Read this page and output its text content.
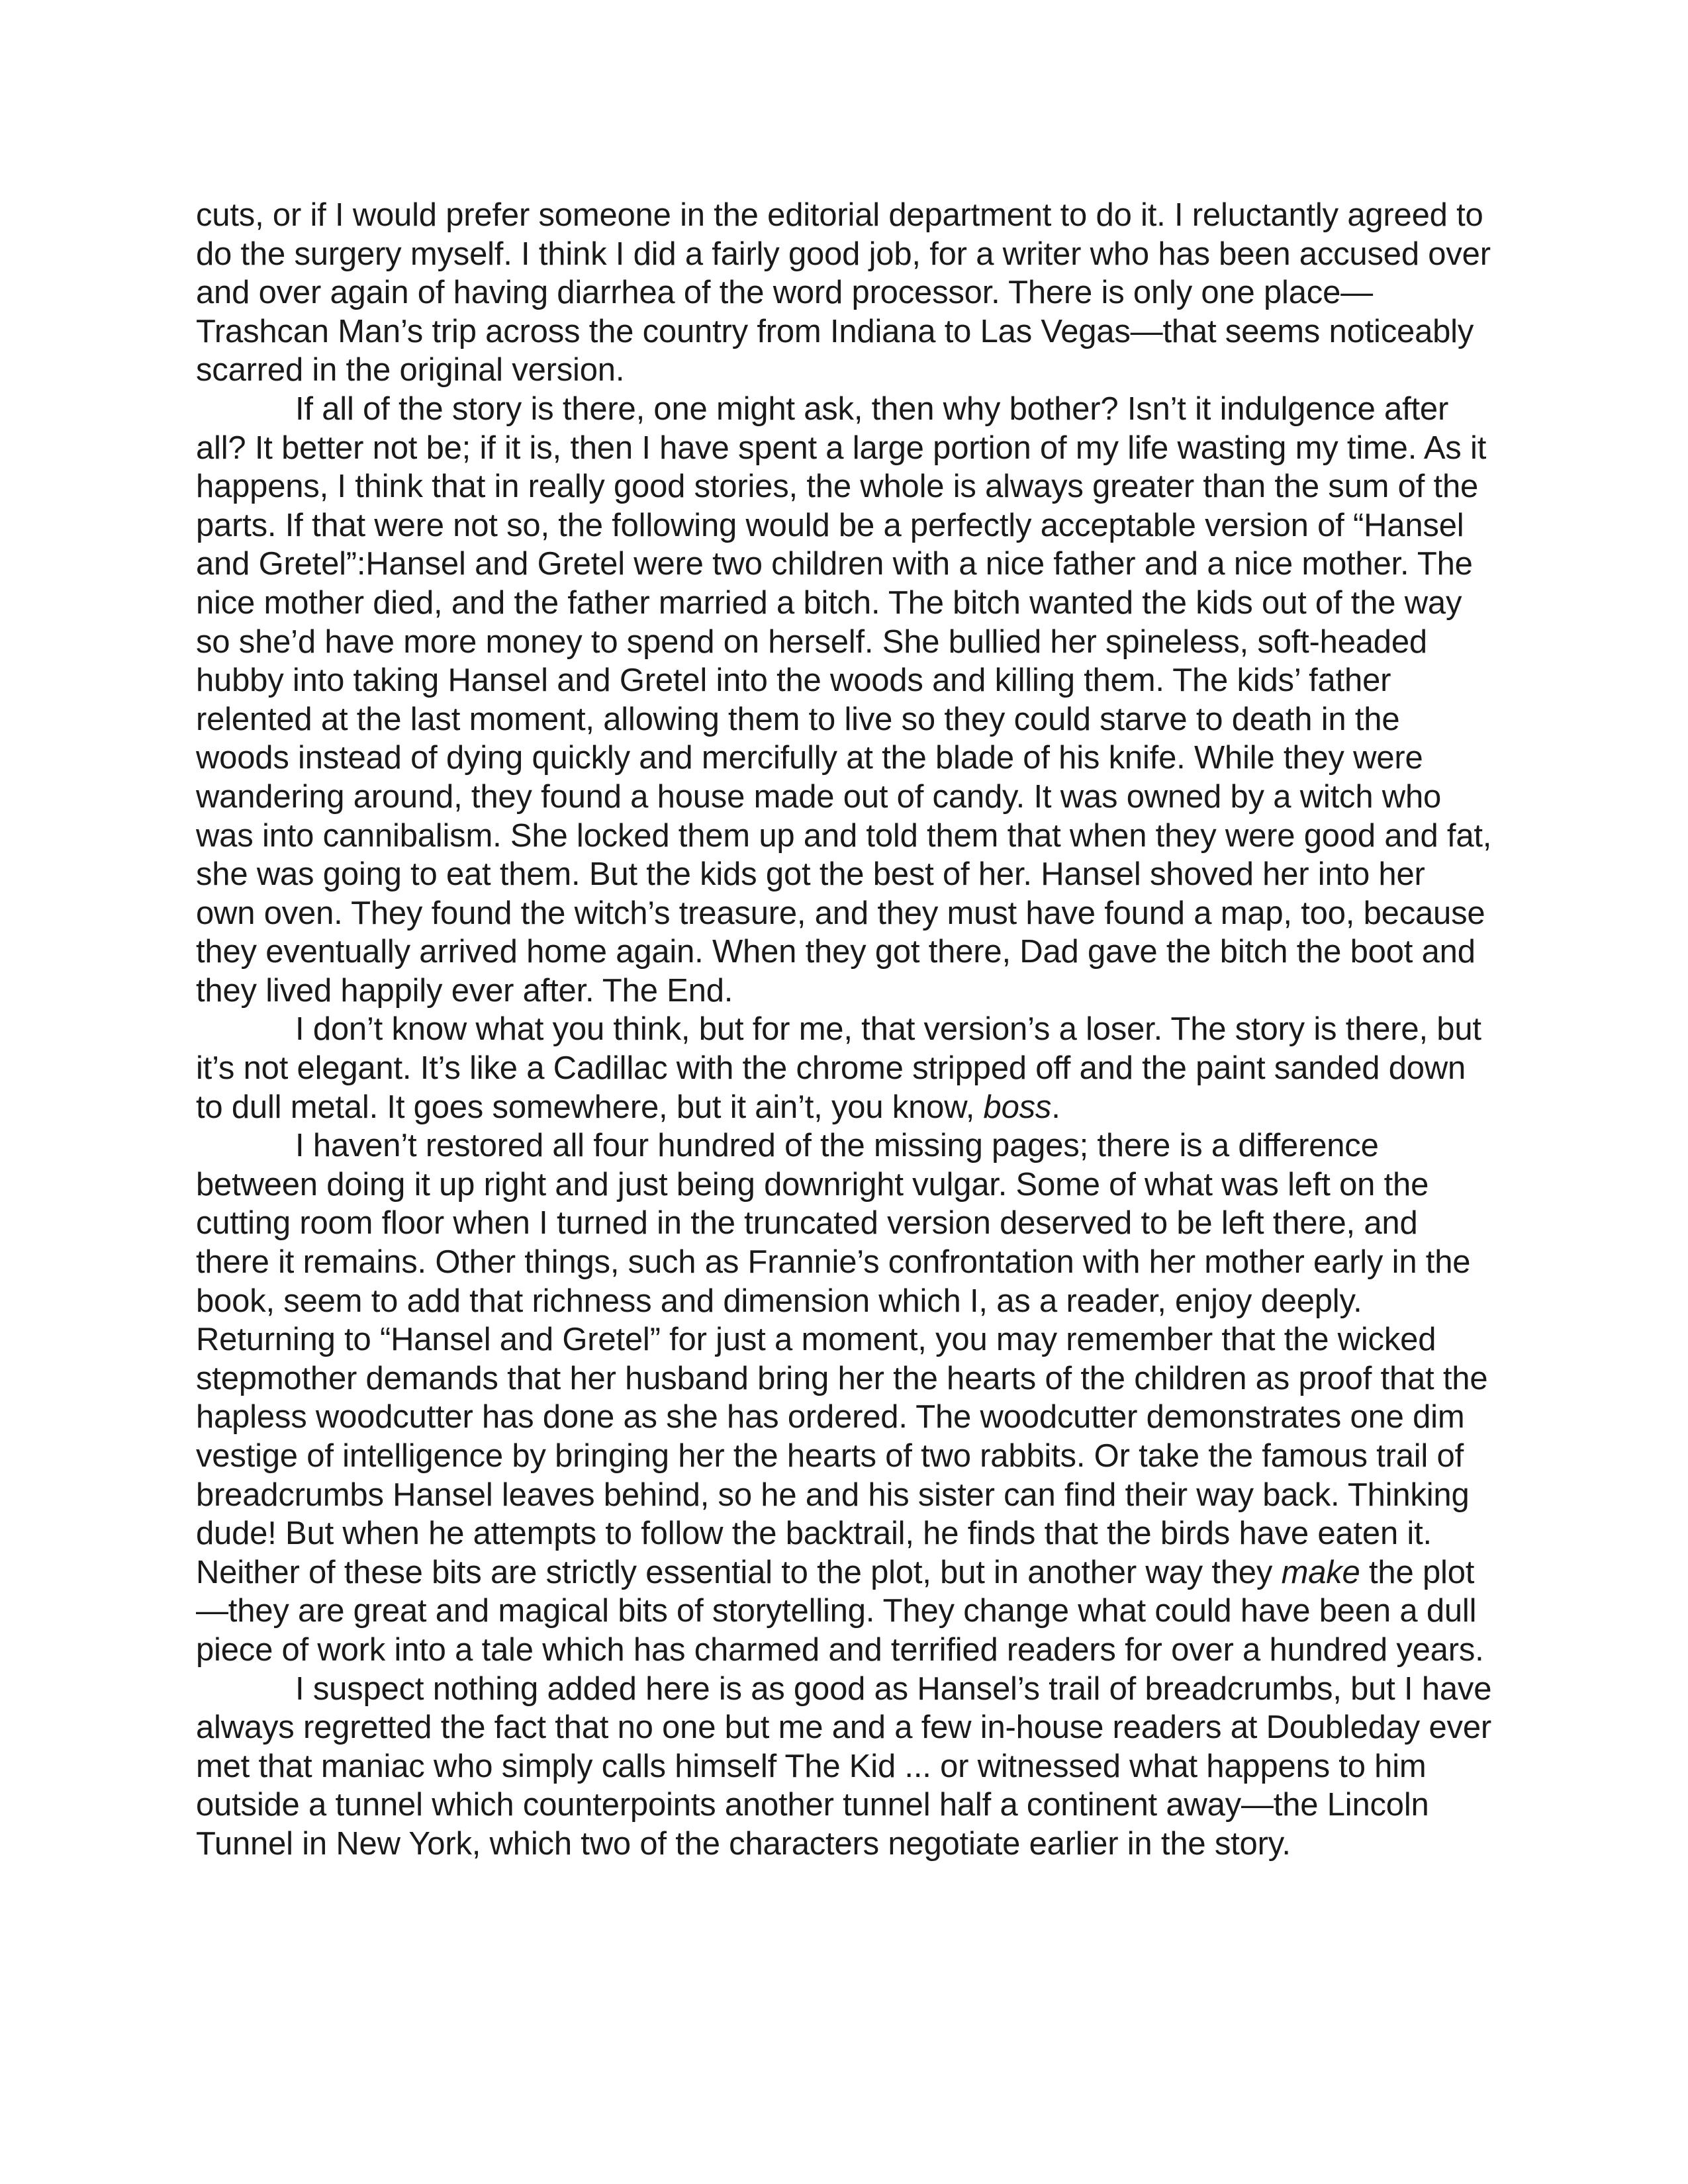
cuts, or if I would prefer someone in the editorial department to do it. I reluctantly agreed to do the surgery myself. I think I did a fairly good job, for a writer who has been accused over and over again of having diarrhea of the word processor. There is only one place—Trashcan Man’s trip across the country from Indiana to Las Vegas—that seems noticeably scarred in the original version.

If all of the story is there, one might ask, then why bother? Isn’t it indulgence after all? It better not be; if it is, then I have spent a large portion of my life wasting my time. As it happens, I think that in really good stories, the whole is always greater than the sum of the parts. If that were not so, the following would be a perfectly acceptable version of “Hansel and Gretel”:Hansel and Gretel were two children with a nice father and a nice mother. The nice mother died, and the father married a bitch. The bitch wanted the kids out of the way so she’d have more money to spend on herself. She bullied her spineless, soft-headed hubby into taking Hansel and Gretel into the woods and killing them. The kids’ father relented at the last moment, allowing them to live so they could starve to death in the woods instead of dying quickly and mercifully at the blade of his knife. While they were wandering around, they found a house made out of candy. It was owned by a witch who was into cannibalism. She locked them up and told them that when they were good and fat, she was going to eat them. But the kids got the best of her. Hansel shoved her into her own oven. They found the witch’s treasure, and they must have found a map, too, because they eventually arrived home again. When they got there, Dad gave the bitch the boot and they lived happily ever after. The End.

I don’t know what you think, but for me, that version’s a loser. The story is there, but it’s not elegant. It’s like a Cadillac with the chrome stripped off and the paint sanded down to dull metal. It goes somewhere, but it ain’t, you know, boss.

I haven’t restored all four hundred of the missing pages; there is a difference between doing it up right and just being downright vulgar. Some of what was left on the cutting room floor when I turned in the truncated version deserved to be left there, and there it remains. Other things, such as Frannie’s confrontation with her mother early in the book, seem to add that richness and dimension which I, as a reader, enjoy deeply. Returning to “Hansel and Gretel” for just a moment, you may remember that the wicked stepmother demands that her husband bring her the hearts of the children as proof that the hapless woodcutter has done as she has ordered. The woodcutter demonstrates one dim vestige of intelligence by bringing her the hearts of two rabbits. Or take the famous trail of breadcrumbs Hansel leaves behind, so he and his sister can find their way back. Thinking dude! But when he attempts to follow the backtrail, he finds that the birds have eaten it. Neither of these bits are strictly essential to the plot, but in another way they make the plot—they are great and magical bits of storytelling. They change what could have been a dull piece of work into a tale which has charmed and terrified readers for over a hundred years.

I suspect nothing added here is as good as Hansel’s trail of breadcrumbs, but I have always regretted the fact that no one but me and a few in-house readers at Doubleday ever met that maniac who simply calls himself The Kid ... or witnessed what happens to him outside a tunnel which counterpoints another tunnel half a continent away—the Lincoln Tunnel in New York, which two of the characters negotiate earlier in the story.
